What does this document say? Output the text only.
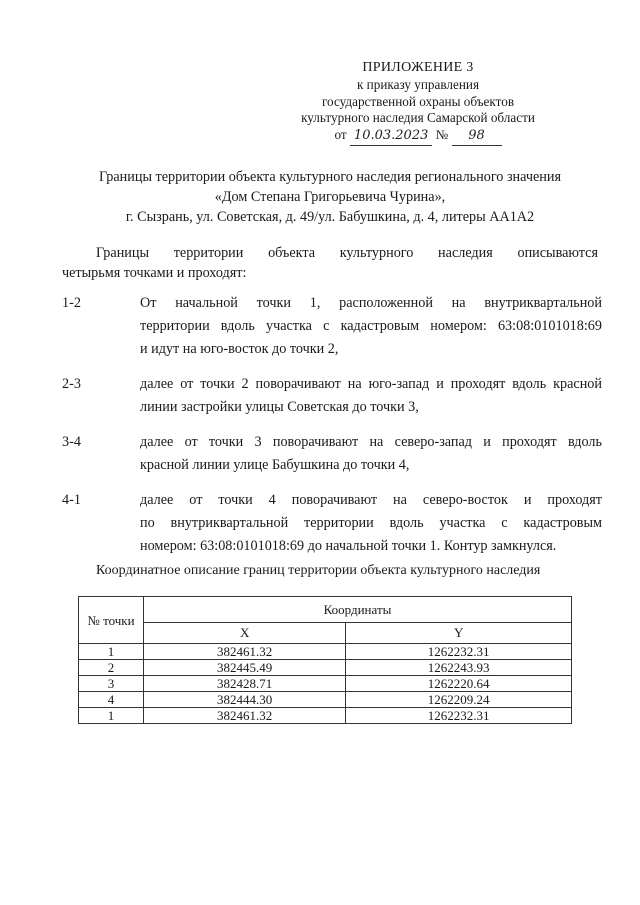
ПРИЛОЖЕНИЕ 3
к приказу управления
государственной охраны объектов
культурного наследия Самарской области
от 10.03.2023 № 98
Границы территории объекта культурного наследия регионального значения
«Дом Степана Григорьевича Чурина»,
г. Сызрань, ул. Советская, д. 49/ул. Бабушкина, д. 4, литеры АА1А2
Границы территории объекта культурного наследия описываются
четырьмя точками и проходят:
1-2	От начальной точки 1, расположенной на внутриквартальной
территории вдоль участка с кадастровым номером: 63:08:0101018:69
и идут на юго-восток до точки 2,
2-3	далее от точки 2 поворачивают на юго-запад и проходят вдоль красной
линии застройки улицы Советская до точки 3,
3-4	далее от точки 3 поворачивают на северо-запад и проходят вдоль
красной линии улице Бабушкина до точки 4,
4-1	далее от точки 4 поворачивают на северо-восток и проходят
по внутриквартальной территории вдоль участка с кадастровым
номером: 63:08:0101018:69 до начальной точки 1. Контур замкнулся.
Координатное описание границ территории объекта культурного наследия
№ точки	Координаты	
	X	Y
1	382461.32	1262232.31
2	382445.49	1262243.93
3	382428.71	1262220.64
4	382444.30	1262209.24
1	382461.32	1262232.31
